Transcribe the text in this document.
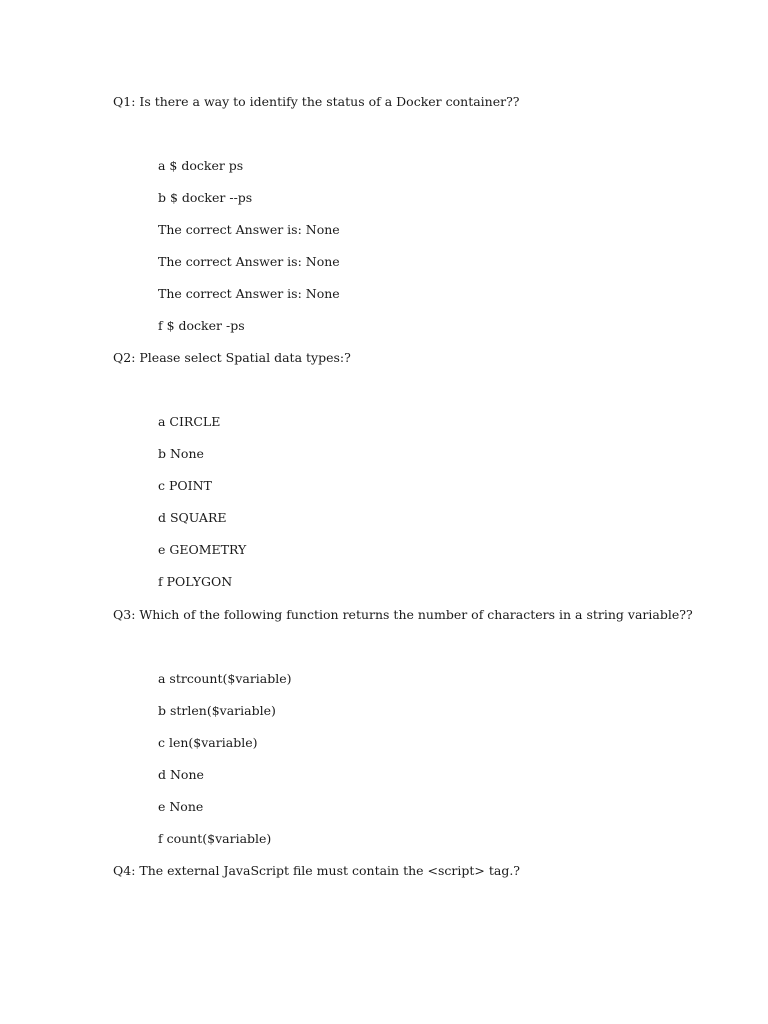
Q1: Is there a way to identify the status of a Docker container??
a $ docker ps
b $ docker --ps
The correct Answer is: None
The correct Answer is: None
The correct Answer is: None
f $ docker -ps
Q2: Please select Spatial data types:?
a CIRCLE
b None
c POINT
d SQUARE
e GEOMETRY
f POLYGON
Q3: Which of the following function returns the number of characters in a string variable??
a strcount($variable)
b strlen($variable)
c len($variable)
d None
e None
f count($variable)
Q4: The external JavaScript file must contain the <script> tag.?
